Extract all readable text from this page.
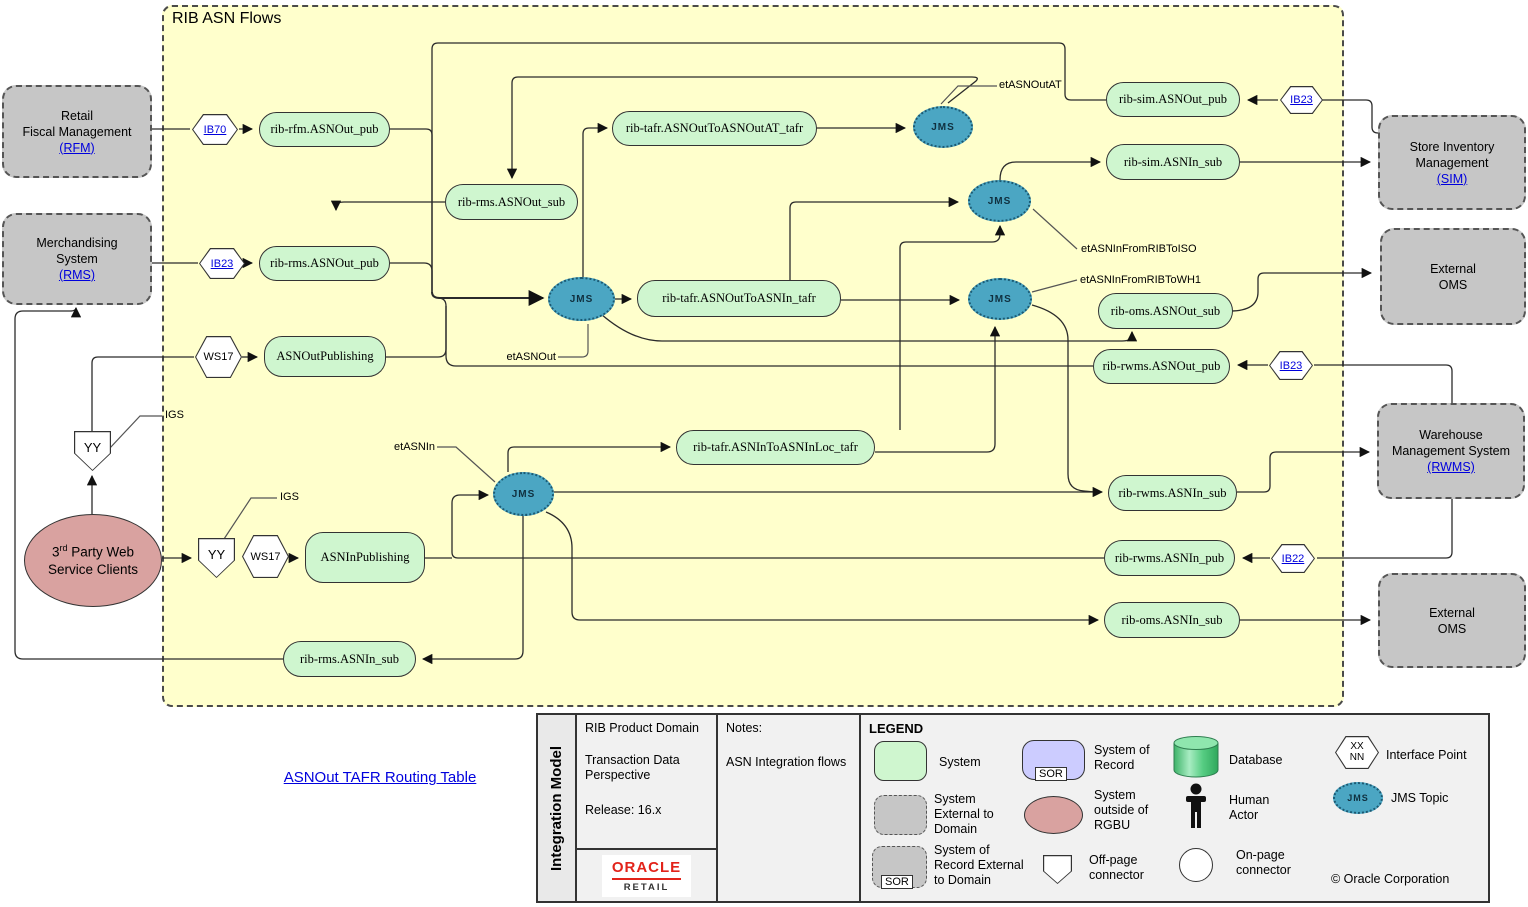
RIB ASN Flows
Retail
Fiscal Management
(RFM)
Merchandising
System
(RMS)
Store Inventory
Management
(SIM)
External
OMS
Warehouse
Management System
(RWMS)
External
OMS
3rd Party Web
Service Clients
rib-rfm.ASNOut_pub
rib-rms.ASNOut_sub
rib-rms.ASNOut_pub
rib-tafr.ASNOutToASNOutAT_tafr
rib-sim.ASNOut_pub
rib-sim.ASNIn_sub
rib-tafr.ASNOutToASNIn_tafr
rib-oms.ASNOut_sub
ASNOutPublishing
rib-rwms.ASNOut_pub
rib-tafr.ASNInToASNInLoc_tafr
rib-rwms.ASNIn_sub
ASNInPublishing	rib-rwms.ASNIn_pub
rib-oms.ASNIn_sub
rib-rms.ASNIn_sub
IB70
IB23
IB23
IB23
IB22
WS17
WS17
YY
YY
JMS
JMS
JMS	JMS
JMS
etASNOutAT
etASNInFromRIBToISO
etASNInFromRIBToWH1
etASNOut
etASNIn
IGS
IGS
ASNOut TAFR Routing Table	Integration Model
RIB Product Domain
Transaction Data
Perspective
Release: 16.x
ORACLE
RETAIL
Notes:
ASN Integration flows
LEGEND
System
SOR
System of
Record	Database
XX
NN Interface Point
System
External to
Domain
System
outside of
RGBU
Human
Actor
JMS	JMS Topic
SOR
System of
Record External
to Domain
Off-page
connector
On-page
connector
© Oracle Corporation
